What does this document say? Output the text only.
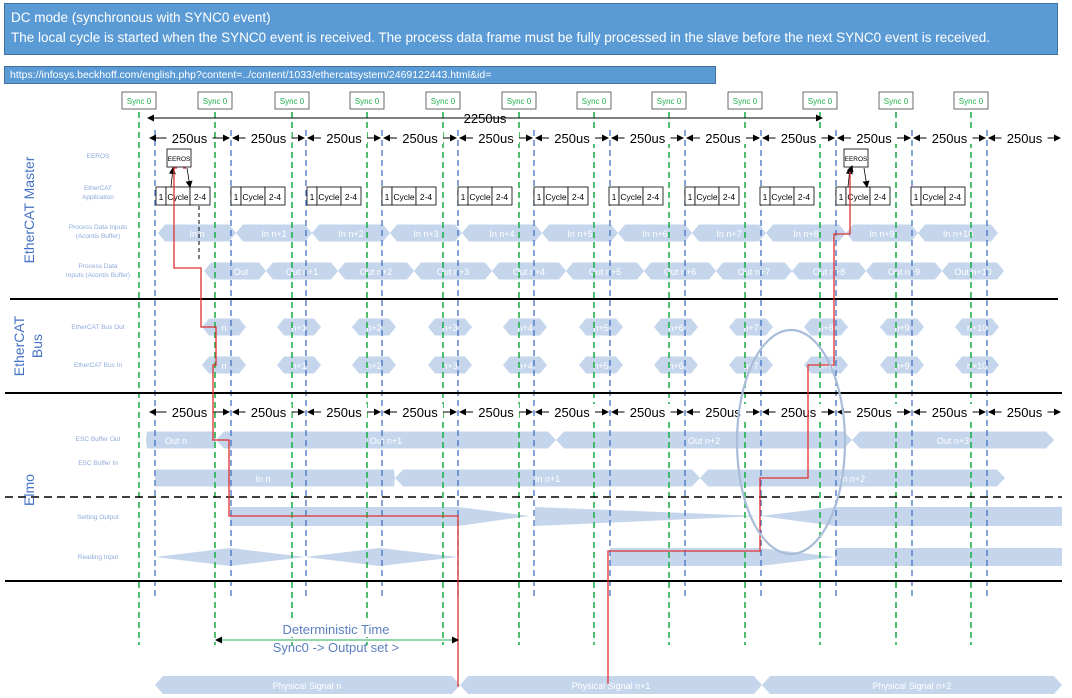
DC mode (synchronous with SYNC0 event)
The local cycle is started when the SYNC0 event is received. The process data frame must be fully processed in the slave before the next SYNC0 event is received.
https://infosys.beckhoff.com/english.php?content=../content/1033/ethercatsystem/2469122443.html&id=
In n	In n+1	In n+2	In n+3	In n+4	In n+5	In n+6	In n+7	In n+8	In n+9	In n+10
Out	Out n+1	Out n+2	Out n+3	Out n+4	Out n+5	Out n+6	Out n+7	Out n+8	Out n+9	Out n+10
n
n
n+1
n+1
n+2
n+2
n+3
n+3
n+4
n+4
n+5
n+5
n+6
n+6
n+7
n+7
n+8
n+8
n+9
n+9
n+10
n+10
Out n	Out n+1	Out n+2	Out n+3
In n	In n+1	In n+2
Physical Signal n	Physical Signal n+1	Physical Signal n+2
Sync 0	Sync 0	Sync 0	Sync 0	Sync 0	Sync 0	Sync 0	Sync 0	Sync 0	Sync 0	Sync 0	Sync 0
1 Cycle 2-4	1 Cycle 2-4	1 Cycle 2-4	1 Cycle 2-4	1 Cycle 2-4	1 Cycle 2-4	1 Cycle 2-4	1 Cycle 2-4	1 Cycle 2-4	1 Cycle 2-4	1 Cycle 2-4
EEROS	EEROS
2250us
250us	250us	250us	250us	250us	250us	250us	250us	250us	250us	250us	250us
250us	250us	250us	250us	250us	250us	250us	250us	250us	250us	250us	250us
Deterministic Time
Sync0 -> Output set >
EtherCAT Master
EtherCAT Bus
Elmo
EEROS
EtherCAT
Application
Process Data Inputs
(Acontis Buffer)
Process Data
Inputs (Acontis Buffer)
EtherCAT Bus Out
EtherCAT Bus In
ESC Buffer Out
ESC Buffer In
Setting Output
Reading Input
